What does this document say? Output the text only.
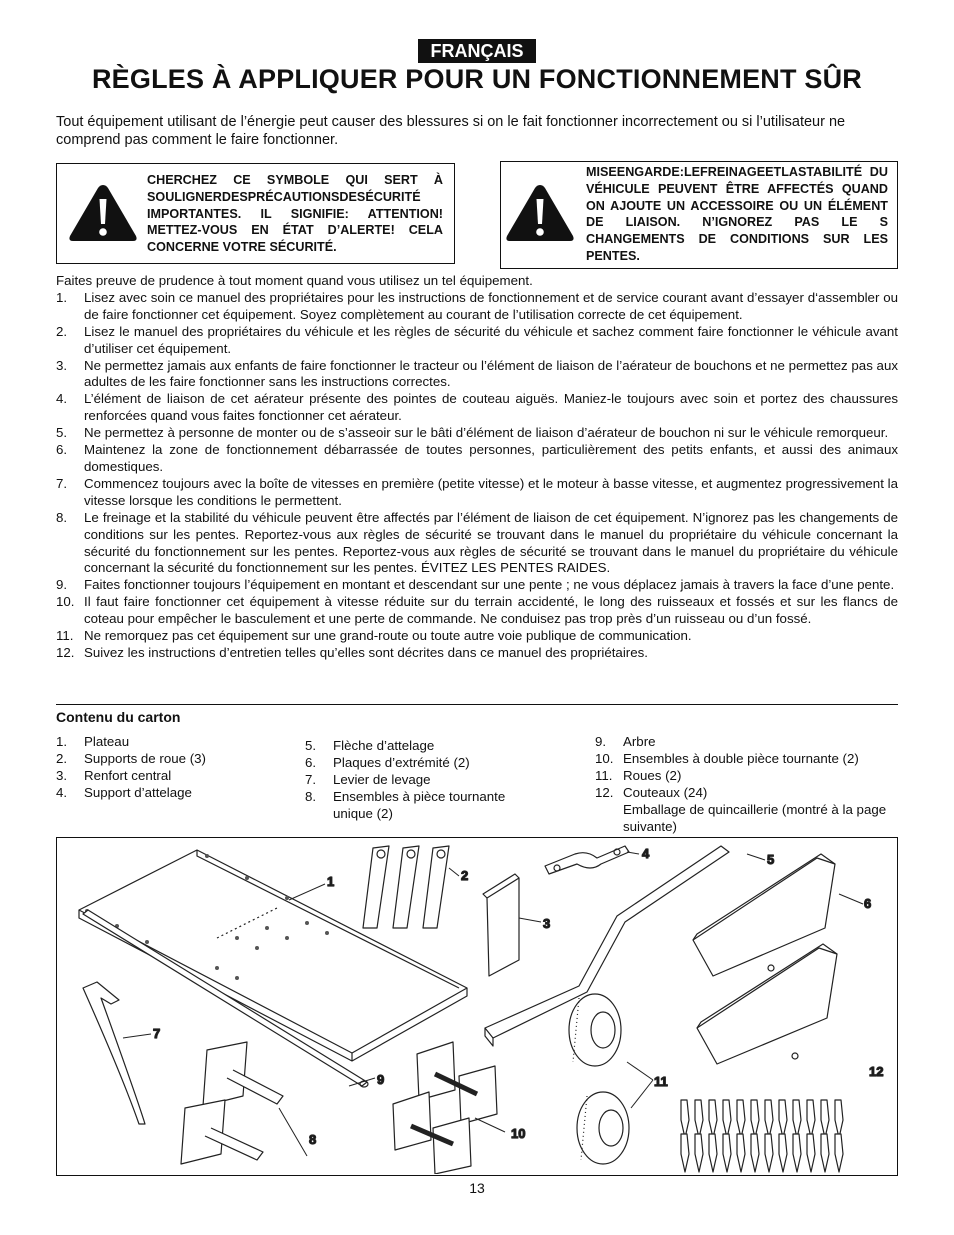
FRANÇAIS
RÈGLES À APPLIQUER POUR UN FONCTIONNEMENT SÛR
Tout équipement utilisant de l’énergie peut causer des blessures si on le fait fonctionner incorrectement ou si l’utilisateur ne comprend pas comment le faire fonctionner.
CHERCHEZ CE SYMBOLE QUI SERT À SOULIGNERDESPRÉCAUTIONSDESÉCURITÉ IMPORTANTES. IL SIGNIFIE: ATTENTION! METTEZ-VOUS EN ÉTAT D’ALERTE! CELA CONCERNE VOTRE SÉCURITÉ.
MISEENGARDE:LEFREINAGEETLASTABILITÉ DU VÉHICULE PEUVENT ÊTRE AFFECTÉS QUAND ON AJOUTE UN ACCESSOIRE OU UN ÉLÉMENT DE LIAISON. N’IGNOREZ PAS LE S CHANGEMENTS DE CONDITIONS SUR LES PENTES.

Faites preuve de prudence à tout moment quand vous utilisez un tel équipement.

1. Lisez avec soin ce manuel des propriétaires pour les instructions de fonctionnement et de service courant avant d’essayer d‘assembler ou de faire fonctionner cet équipement. Soyez complètement au courant de l’utilisation correcte de cet équipement.
2. Lisez le manuel des propriétaires du véhicule et les règles de sécurité du véhicule et sachez comment faire fonctionner le véhicule avant d’utiliser cet équipement.
3. Ne permettez jamais aux enfants de faire fonctionner le tracteur ou l’élément de liaison de l’aérateur de bouchons et ne permettez pas aux adultes de les faire fonctionner sans les instructions correctes.
4. L’élément de liaison de cet aérateur présente des pointes de couteau aiguës. Maniez-le toujours avec soin et portez des chaussures renforcées quand vous faites fonctionner cet aérateur.
5. Ne permettez à personne de monter ou de s’asseoir sur le bâti d’élément de liaison d’aérateur de bouchon ni sur le véhicule remorqueur.
6. Maintenez la zone de fonctionnement débarrassée de toutes personnes, particulièrement des petits enfants, et aussi des animaux domestiques.
7. Commencez toujours avec la boîte de vitesses en première (petite vitesse) et le moteur à basse vitesse, et augmentez progressivement la vitesse lorsque les conditions le permettent.
8. Le freinage et la stabilité du véhicule peuvent être affectés par l’élément de liaison de cet équipement. N’ignorez pas les changements de conditions sur les pentes. Reportez-vous aux règles de sécurité se trouvant dans le manuel du propriétaire du véhicule concernant la sécurité du fonctionnement sur les pentes. Reportez-vous aux règles de sécurité se trouvant dans le manuel du propriétaire du véhicule concernant la sécurité du fonctionnement sur les pentes. ÉVITEZ LES PENTES RAIDES.
9. Faites fonctionner toujours l’équipement en montant et descendant sur une pente ; ne vous déplacez jamais à travers la face d’une pente.
10. Il faut faire fonctionner cet équipement à vitesse réduite sur du terrain accidenté, le long des ruisseaux et fossés et sur les flancs de coteau pour empêcher le basculement et une perte de commande. Ne conduisez pas trop près d’un ruisseau ou d’un fossé.
11. Ne remorquez pas cet équipement sur une grand-route ou toute autre voie publique de communication.
12. Suivez les instructions d’entretien telles qu’elles sont décrites dans ce manuel des propriétaires.
Contenu du carton
1. Plateau
2. Supports de roue (3)
3. Renfort central
4. Support d’attelage
5. Flèche d’attelage
6. Plaques d’extrémité (2)
7. Levier de levage
8. Ensembles à pièce tournante unique (2)
9. Arbre
10. Ensembles à double pièce tournante (2)
11. Roues (2)
12. Couteaux (24)
Emballage de quincaillerie (montré à la page suivante)
1	2
3
4	5
6
7
8
9
10
11
12
13
